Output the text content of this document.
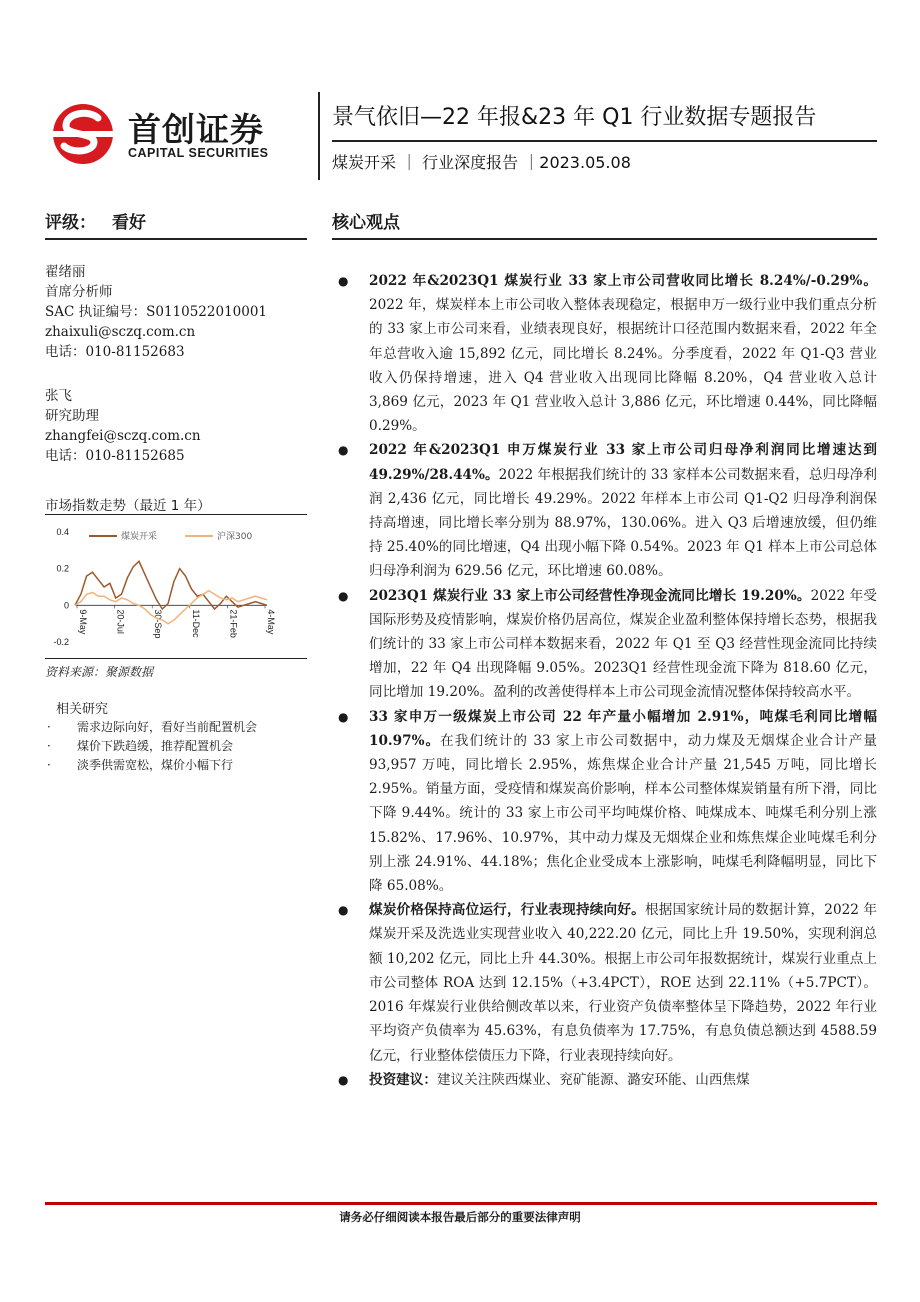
首创证券
CAPITAL SECURITIES
景气依旧—22 年报&23 年 Q1 行业数据专题报告
煤炭开采 ｜ 行业深度报告 ｜2023.05.08
评级： 看好
翟绪丽
首席分析师
SAC 执证编号：S0110522010001
zhaixuli@sczq.com.cn
电话：010-81152683
张飞
研究助理
zhangfei@sczq.com.cn
电话：010-81152685
市场指数走势（最近 1 年）
0.4
0.2
0
-0.2
9-May	20-Jul	30-Sep	11-Dec	21-Feb	4-May
煤炭开采	沪深300
资料来源：聚源数据
相关研究
·	需求边际向好，看好当前配置机会
·	煤价下跌趋缓，推荐配置机会
·	淡季供需宽松，煤价小幅下行
核心观点
● 2022 年&2023Q1 煤炭行业 33 家上市公司营收同比增长 8.24%/-0.29%。2022 年，煤炭样本上市公司收入整体表现稳定，根据申万一级行业中我们重点分析的 33 家上市公司来看，业绩表现良好，根据统计口径范围内数据来看，2022 年全年总营收入逾 15,892 亿元，同比增长 8.24%。分季度看，2022 年 Q1-Q3 营业收入仍保持增速，进入 Q4 营业收入出现同比降幅 8.20%，Q4 营业收入总计 3,869 亿元，2023 年 Q1 营业收入总计 3,886 亿元，环比增速 0.44%，同比降幅 0.29%。
● 2022 年&2023Q1 申万煤炭行业 33 家上市公司归母净利润同比增速达到 49.29%/28.44%。2022 年根据我们统计的 33 家样本公司数据来看，总归母净利润 2,436 亿元，同比增长 49.29%。2022 年样本上市公司 Q1-Q2 归母净利润保持高增速，同比增长率分别为 88.97%，130.06%。进入 Q3 后增速放缓，但仍维持 25.40%的同比增速，Q4 出现小幅下降 0.54%。2023 年 Q1 样本上市公司总体归母净利润为 629.56 亿元，环比增速 60.08%。
● 2023Q1 煤炭行业 33 家上市公司经营性净现金流同比增长 19.20%。2022 年受国际形势及疫情影响，煤炭价格仍居高位，煤炭企业盈利整体保持增长态势，根据我们统计的 33 家上市公司样本数据来看，2022 年 Q1 至 Q3 经营性现金流同比持续增加，22 年 Q4 出现降幅 9.05%。2023Q1 经营性现金流下降为 818.60 亿元，同比增加 19.20%。盈利的改善使得样本上市公司现金流情况整体保持较高水平。
● 33 家申万一级煤炭上市公司 22 年产量小幅增加 2.91%，吨煤毛利同比增幅 10.97%。在我们统计的 33 家上市公司数据中，动力煤及无烟煤企业合计产量 93,957 万吨，同比增长 2.95%，炼焦煤企业合计产量 21,545 万吨，同比增长 2.95%。销量方面，受疫情和煤炭高价影响，样本公司整体煤炭销量有所下滑，同比下降 9.44%。统计的 33 家上市公司平均吨煤价格、吨煤成本、吨煤毛利分别上涨 15.82%、17.96%、10.97%，其中动力煤及无烟煤企业和炼焦煤企业吨煤毛利分别上涨 24.91%、44.18%；焦化企业受成本上涨影响，吨煤毛利降幅明显，同比下降 65.08%。
● 煤炭价格保持高位运行，行业表现持续向好。根据国家统计局的数据计算，2022 年煤炭开采及洗选业实现营业收入 40,222.20 亿元，同比上升 19.50%，实现利润总额 10,202 亿元，同比上升 44.30%。根据上市公司年报数据统计，煤炭行业重点上市公司整体 ROA 达到 12.15%（+3.4PCT），ROE 达到 22.11%（+5.7PCT）。2016 年煤炭行业供给侧改革以来，行业资产负债率整体呈下降趋势，2022 年行业平均资产负债率为 45.63%，有息负债率为 17.75%，有息负债总额达到 4588.59 亿元，行业整体偿债压力下降，行业表现持续向好。
● 投资建议：建议关注陕西煤业、兖矿能源、潞安环能、山西焦煤
请务必仔细阅读本报告最后部分的重要法律声明
